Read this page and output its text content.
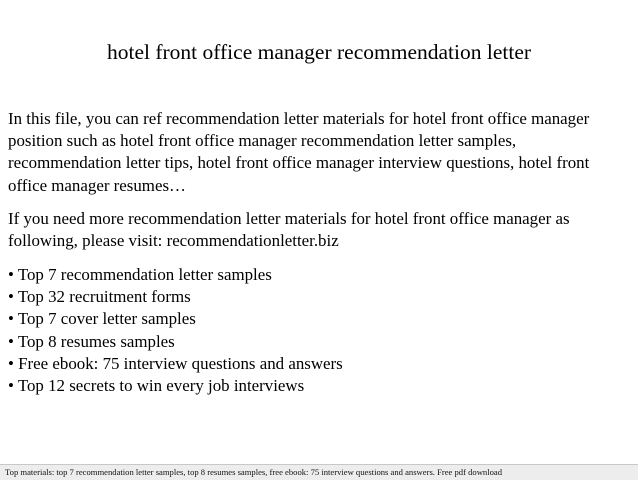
hotel front office manager recommendation letter
In this file, you can ref recommendation letter materials for hotel front office manager
position such as hotel front office manager recommendation letter samples,
recommendation letter tips, hotel front office manager interview questions, hotel front
office manager resumes…
If you need more recommendation letter materials for hotel front office manager as
following, please visit: recommendationletter.biz
• Top 7 recommendation letter samples
• Top 32 recruitment forms
• Top 7 cover letter samples
• Top 8 resumes samples
• Free ebook: 75 interview questions and answers
• Top 12 secrets to win every job interviews
Top materials: top 7 recommendation letter samples, top 8 resumes samples, free ebook: 75 interview questions and answers. Free pdf download
